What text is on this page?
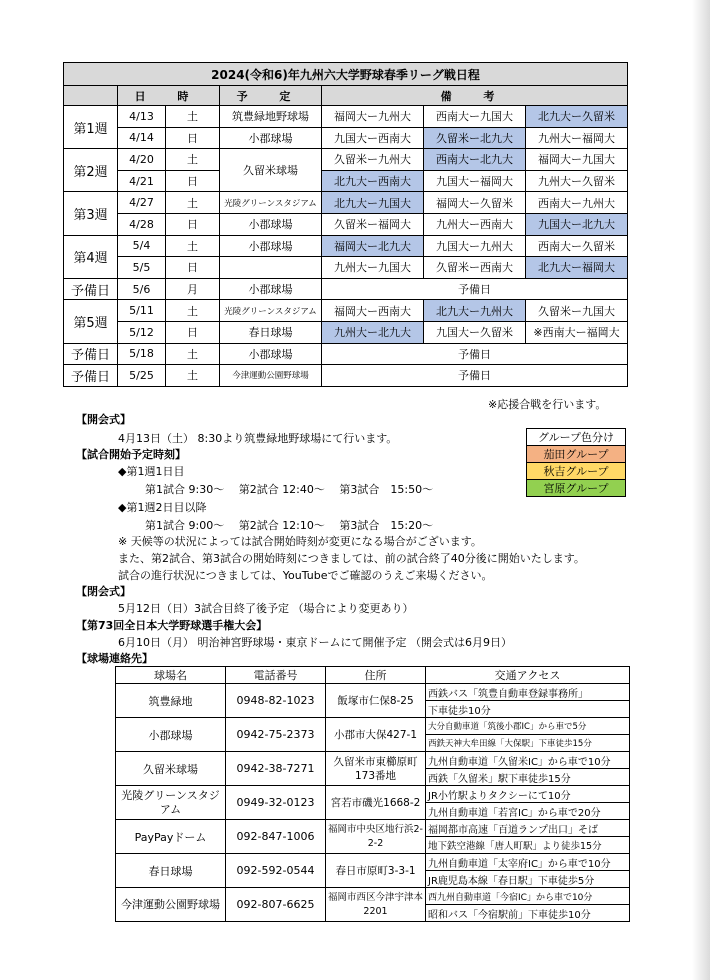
2024(令和6)年九州六大学野球春季リーグ戦日程						
	日 時		予 定	備 考		
第1週	4/13	土	筑豊緑地野球場	福岡大ー九州大	西南大ー九国大	北九大ー久留米
	4/14	日	小郡球場	九国大ー西南大	久留米ー北九大	九州大ー福岡大
第2週	4/20	土	久留米球場	久留米ー九州大	西南大ー北九大	福岡大ー九国大
	4/21	日		北九大ー西南大	九国大ー福岡大	九州大ー久留米
第3週	4/27	土	光陵グリーンスタジアム	北九大ー九国大	福岡大ー久留米	西南大ー九州大
	4/28	日	小郡球場	久留米ー福岡大	九州大ー西南大	九国大ー北九大
第4週	5/4	土	小郡球場	福岡大ー北九大	九国大ー九州大	西南大ー久留米
	5/5	日		九州大ー九国大	久留米ー西南大	北九大ー福岡大
予備日	5/6	月	小郡球場	予備日		
第5週	5/11	土	光陵グリーンスタジアム	福岡大ー西南大	北九大ー九州大	久留米ー九国大
	5/12	日	春日球場	九州大ー北九大	九国大ー久留米	※西南大ー福岡大
予備日	5/18	土	小郡球場	予備日		
予備日	5/25	土	今津運動公園野球場	予備日		
※応援合戦を行います。
【開会式】
4月13日（土） 8:30より筑豊緑地野球場にて行います。	グループ色分け
茄田グループ
秋吉グループ
宮原グループ
【試合開始予定時刻】
◆第1週1日目
第1試合 9:30～　 第2試合 12:40～　 第3試合　15:50～
◆第1週2日目以降
第1試合 9:00～　 第2試合 12:10～　 第3試合　15:20～
※ 天候等の状況によっては試合開始時刻が変更になる場合がございます。
また、第2試合、第3試合の開始時刻につきましては、前の試合終了40分後に開始いたします。
試合の進行状況につきましては、YouTubeでご確認のうえご来場ください。
【閉会式】
5月12日（日）3試合目終了後予定 （場合により変更あり）
【第73回全日本大学野球選手権大会】
6月10日（月） 明治神宮野球場・東京ドームにて開催予定 （開会式は6月9日）
【球場連絡先】
球場名	電話番号	住所	交通アクセス
筑豊緑地	0948-82-1023	飯塚市仁保8-25	西鉄バス「筑豊自動車登録事務所」
			下車徒歩10分
小郡球場	0942-75-2373	小郡市大保427-1	大分自動車道「筑後小郡IC」から車で5分
			西鉄天神大牟田線「大保駅」下車徒歩15分
久留米球場	0942-38-7271	久留米市東櫛原町173番地	九州自動車道「久留米IC」から車で10分
			西鉄「久留米」駅下車徒歩15分
光陵グリーンスタジアム	0949-32-0123	宮若市磯光1668-2	JR小竹駅よりタクシーにて10分
			九州自動車道「若宮IC」から車で20分
PayPayドーム	092-847-1006	福岡市中央区地行浜2-2-2	福岡都市高速「百道ランプ出口」そば
			地下鉄空港線「唐人町駅」より徒歩15分
春日球場	092-592-0544	春日市原町3-3-1	九州自動車道「太宰府IC」から車で10分
			JR鹿児島本線「春日駅」下車徒歩5分
今津運動公園野球場	092-807-6625	福岡市西区今津宇津本2201	西九州自動車道「今宿IC」から車で10分
			昭和バス「今宿駅前」下車徒歩10分
